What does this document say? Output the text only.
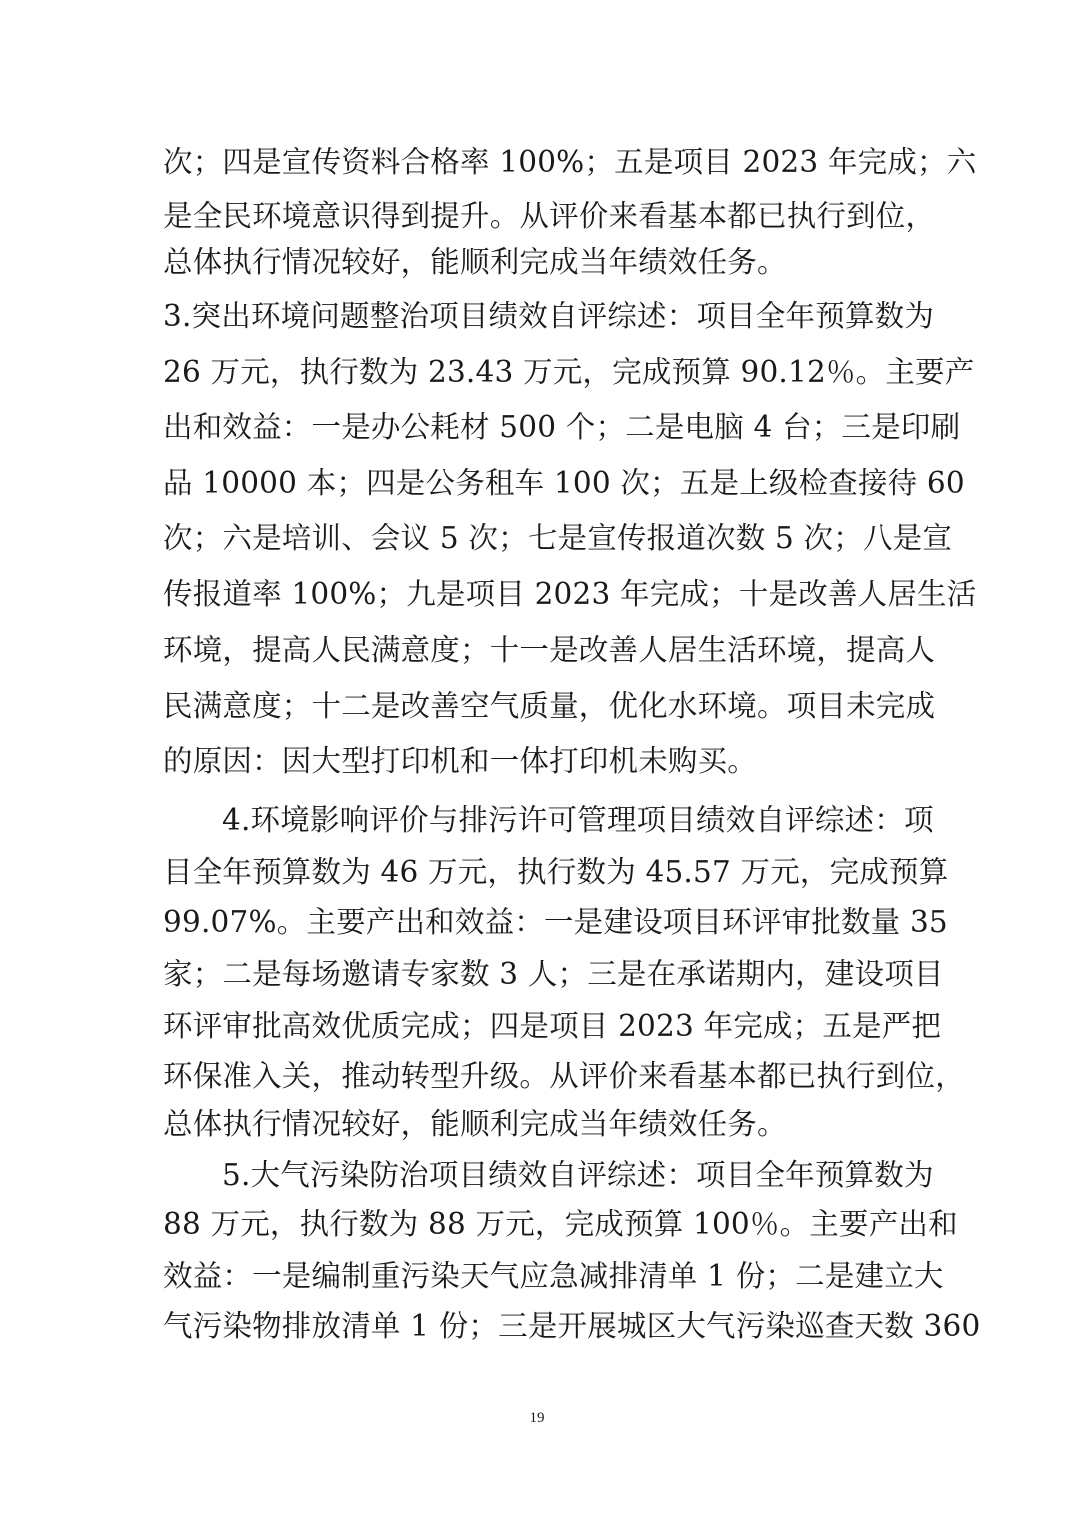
次；四是宣传资料合格率 100%；五是项目 2023 年完成；六
是全民环境意识得到提升。从评价来看基本都已执行到位，
总体执行情况较好，能顺利完成当年绩效任务。
3.突出环境问题整治项目绩效自评综述：项目全年预算数为
26 万元，执行数为 23.43 万元，完成预算 90.12％。主要产
出和效益：一是办公耗材 500 个；二是电脑 4 台；三是印刷
品 10000 本；四是公务租车 100 次；五是上级检查接待 60
次；六是培训、会议 5 次；七是宣传报道次数 5 次；八是宣
传报道率 100%；九是项目 2023 年完成；十是改善人居生活
环境，提高人民满意度；十一是改善人居生活环境，提高人
民满意度；十二是改善空气质量，优化水环境。项目未完成
的原因：因大型打印机和一体打印机未购买。
4.环境影响评价与排污许可管理项目绩效自评综述：项
目全年预算数为 46 万元，执行数为 45.57 万元，完成预算
99.07%。主要产出和效益：一是建设项目环评审批数量 35
家；二是每场邀请专家数 3 人；三是在承诺期内，建设项目
环评审批高效优质完成；四是项目 2023 年完成；五是严把
环保准入关，推动转型升级。从评价来看基本都已执行到位，
总体执行情况较好，能顺利完成当年绩效任务。
5.大气污染防治项目绩效自评综述：项目全年预算数为
88 万元，执行数为 88 万元，完成预算 100％。主要产出和
效益：一是编制重污染天气应急减排清单 1 份；二是建立大
气污染物排放清单 1 份；三是开展城区大气污染巡查天数 360
19
